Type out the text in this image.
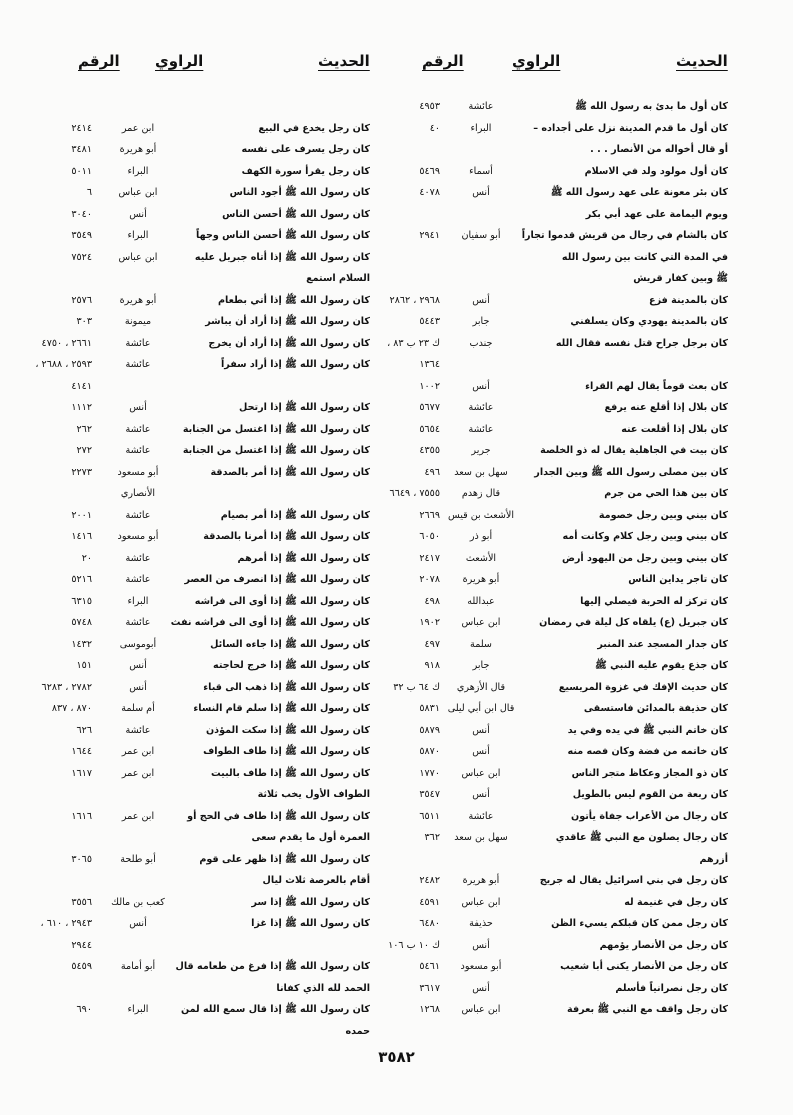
الحديث
الراوي
الرقم
الحديث
الراوي
الرقم
كان أول ما بدئ به رسول الله ﷺ
عائشة
٤٩٥٣
كان أول ما قدم المدينة نزل على أجداده –
البراء
٤٠
أو قال أخواله من الأنصار . . .
كان أول مولود ولد في الاسلام
أسماء
٥٤٦٩
كان بئر معونة على عهد رسول الله ﷺ
أنس
٤٠٧٨
ويوم اليمامة على عهد أبي بكر
كان بالشام في رجال من قريش قدموا تجاراً
أبو سفيان
٢٩٤١
في المدة التي كانت بين رسول الله
ﷺ وبين كفار قريش
كان بالمدينة فزع
أنس
٢٩٦٨ ، ٢٨٦٢
كان بالمدينة يهودي وكان يسلفني
جابر
٥٤٤٣
كان برجل جراح قتل نفسه فقال الله
جندب
ك ٢٣ ب ٨٣ ،
١٣٦٤
كان بعث قوماً يقال لهم القراء
أنس
١٠٠٢
كان بلال إذا أقلع عنه يرفع
عائشة
٥٦٧٧
كان بلال إذا أقلعت عنه
عائشة
٥٦٥٤
كان بيت في الجاهلية يقال له ذو الخلصة
جرير
٤٣٥٥
كان بين مصلى رسول الله ﷺ وبين الجدار
سهل بن سعد
٤٩٦
كان بين هذا الحي من جرم
قال زهدم
٧٥٥٥ ، ٦٦٤٩
كان بيني وبين رجل خصومة
الأشعث بن قيس
٢٦٦٩
كان بيني وبين رجل كلام وكانت أمه
أبو ذر
٦٠٥٠
كان بيني وبين رجل من اليهود أرض
الأشعث
٢٤١٧
كان تاجر يداين الناس
أبو هريرة
٢٠٧٨
كان تركز له الحربة فيصلي إليها
عبدالله
٤٩٨
كان جبريل (ع) يلقاه كل ليلة في رمضان
ابن عباس
١٩٠٢
كان جدار المسجد عند المنبر
سلمة
٤٩٧
كان جذع يقوم عليه النبي ﷺ
جابر
٩١٨
كان حديث الإفك في غزوة المريسيع
قال الأزهري
ك ٦٤ ب ٣٢
كان حذيفة بالمدائن فاستسقى
قال ابن أبي ليلى
٥٨٣١
كان خاتم النبي ﷺ في يده وفي يد
أنس
٥٨٧٩
كان خاتمه من فضة وكان فصه منه
أنس
٥٨٧٠
كان ذو المجاز وعكاظ متجر الناس
ابن عباس
١٧٧٠
كان ربعة من القوم ليس بالطويل
أنس
٣٥٤٧
كان رجال من الأعراب جفاة يأتون
عائشة
٦٥١١
كان رجال يصلون مع النبي ﷺ عاقدي
سهل بن سعد
٣٦٢
أزرهم
كان رجل في بني اسرائيل يقال له جريج
أبو هريرة
٢٤٨٢
كان رجل في غنيمة له
ابن عباس
٤٥٩١
كان رجل ممن كان قبلكم يسيء الظن
حذيفة
٦٤٨٠
كان رجل من الأنصار يؤمهم
أنس
ك ١٠ ب ١٠٦
كان رجل من الأنصار يكنى أبا شعيب
أبو مسعود
٥٤٦١
كان رجل نصرانياً فأسلم
أنس
٣٦١٧
كان رجل واقف مع النبي ﷺ بعرفة
ابن عباس
١٢٦٨
كان رجل يخدع في البيع
ابن عمر
٢٤١٤
كان رجل يسرف على نفسه
أبو هريرة
٣٤٨١
كان رجل يقرأ سورة الكهف
البراء
٥٠١١
كان رسول الله ﷺ أجود الناس
ابن عباس
٦
كان رسول الله ﷺ أحسن الناس
أنس
٣٠٤٠
كان رسول الله ﷺ أحسن الناس وجهاً
البراء
٣٥٤٩
كان رسول الله ﷺ إذا أتاه جبريل عليه
ابن عباس
٧٥٢٤
السلام استمع
كان رسول الله ﷺ إذا أتي بطعام
أبو هريرة
٢٥٧٦
كان رسول الله ﷺ إذا أراد أن يباشر
ميمونة
٣٠٣
كان رسول الله ﷺ إذا أراد أن يخرج
عائشة
٢٦٦١ ، ٤٧٥٠
كان رسول الله ﷺ إذا أراد سفراً
عائشة
٢٥٩٣ ، ٢٦٨٨ ،
٤١٤١
كان رسول الله ﷺ إذا ارتحل
أنس
١١١٢
كان رسول الله ﷺ إذا اغتسل من الجنابة
عائشة
٢٦٢
كان رسول الله ﷺ إذا اغتسل من الجنابة
عائشة
٢٧٢
كان رسول الله ﷺ إذا أمر بالصدقة
أبو مسعود
٢٢٧٣
الأنصاري
كان رسول الله ﷺ إذا أمر بصيام
عائشة
٢٠٠١
كان رسول الله ﷺ إذا أمرنا بالصدقة
أبو مسعود
١٤١٦
كان رسول الله ﷺ إذا أمرهم
عائشة
٢٠
كان رسول الله ﷺ إذا انصرف من العصر
عائشة
٥٢١٦
كان رسول الله ﷺ إذا أوى الى فراشه
البراء
٦٣١٥
كان رسول الله ﷺ إذا أوى الى فراشه نفث
عائشة
٥٧٤٨
كان رسول الله ﷺ إذا جاءه السائل
أبوموسى
١٤٣٢
كان رسول الله ﷺ إذا خرج لحاجته
أنس
١٥١
كان رسول الله ﷺ إذا ذهب الى قباء
أنس
٢٧٨٢ ، ٦٢٨٣
كان رسول الله ﷺ إذا سلم قام النساء
أم سلمة
٨٧٠ ، ٨٣٧
كان رسول الله ﷺ إذا سكت المؤذن
عائشة
٦٢٦
كان رسول الله ﷺ إذا طاف الطواف
ابن عمر
١٦٤٤
كان رسول الله ﷺ إذا طاف بالبيت
ابن عمر
١٦١٧
الطواف الأول يخب ثلاثة
كان رسول الله ﷺ إذا طاف في الحج أو
ابن عمر
١٦١٦
العمرة أول ما يقدم سعى
كان رسول الله ﷺ إذا ظهر على قوم
أبو طلحة
٣٠٦٥
أقام بالعرصة ثلاث ليال
كان رسول الله ﷺ إذا سر
كعب بن مالك
٣٥٥٦
كان رسول الله ﷺ إذا غزا
أنس
٢٩٤٣ ، ٦١٠ ،
٢٩٤٤
كان رسول الله ﷺ إذا فرغ من طعامه قال
أبو أمامة
٥٤٥٩
الحمد لله الذي كفانا
كان رسول الله ﷺ إذا قال سمع الله لمن
البراء
٦٩٠
حمده
٣٥٨٢
